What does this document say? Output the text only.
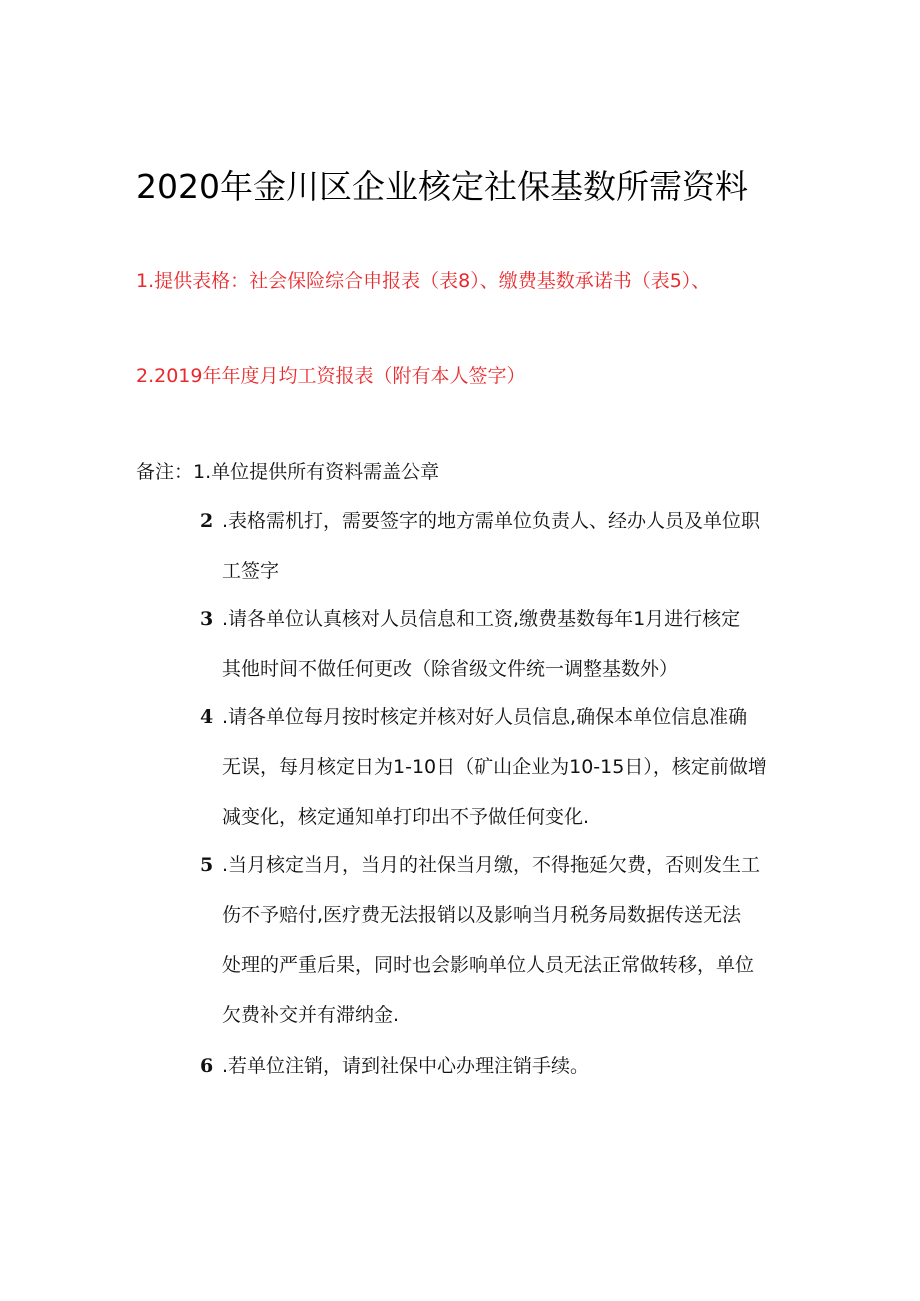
2020年金川区企业核定社保基数所需资料
1.提供表格：社会保险综合申报表（表8）、缴费基数承诺书（表5）、
2.2019年年度月均工资报表（附有本人签字）
备注：1.单位提供所有资料需盖公章
2 .表格需机打，需要签字的地方需单位负责人、经办人员及单位职
工签字
3 .请各单位认真核对人员信息和工资,缴费基数每年1月进行核定
其他时间不做任何更改（除省级文件统一调整基数外）
4 .请各单位每月按时核定并核对好人员信息,确保本单位信息准确
无误，每月核定日为1-10日（矿山企业为10-15日），核定前做增
减变化，核定通知单打印出不予做任何变化.
5 .当月核定当月，当月的社保当月缴，不得拖延欠费，否则发生工
伤不予赔付,医疗费无法报销以及影响当月税务局数据传送无法
处理的严重后果，同时也会影响单位人员无法正常做转移，单位
欠费补交并有滞纳金.
6 .若单位注销，请到社保中心办理注销手续。
